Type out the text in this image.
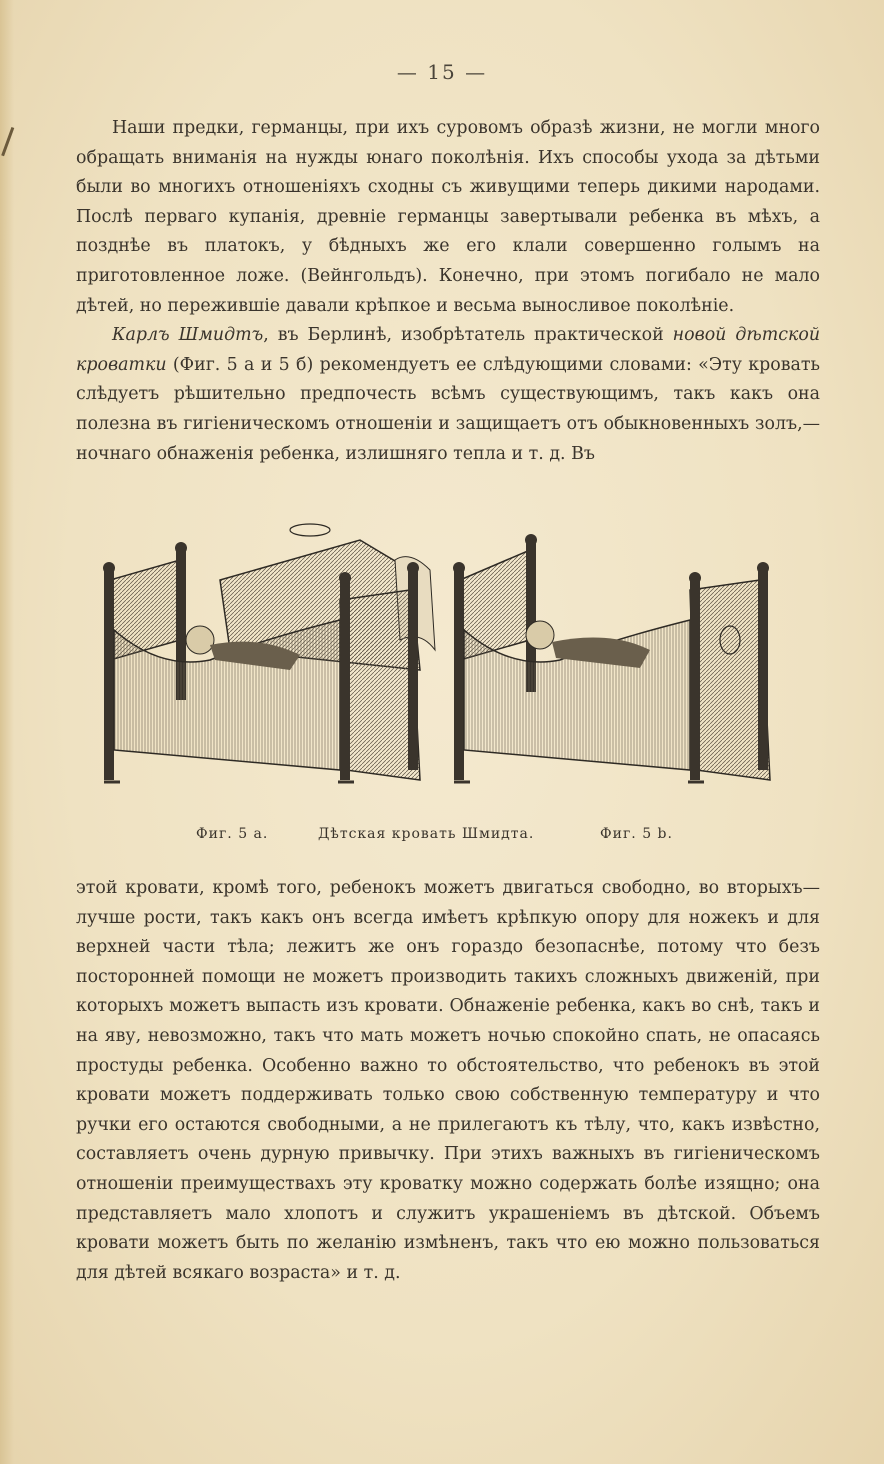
— 15 —

Наши предки, германцы, при ихъ суровомъ образѣ жизни, не могли много обращать вниманія на нужды юнаго поколѣнія. Ихъ способы ухода за дѣтьми были во многихъ отношеніяхъ сходны съ живущими теперь дикими народами. Послѣ перваго купанія, древніе германцы завертывали ребенка въ мѣхъ, а позднѣе въ платокъ, у бѣдныхъ же его клали совершенно голымъ на приготовленное ложе. (Вейнгольдъ). Конечно, при этомъ погибало не мало дѣтей, но пережившіе давали крѣпкое и весьма выносливое поколѣніе.

Карлъ Шмидтъ, въ Берлинѣ, изобрѣтатель практической новой дѣтской кроватки (Фиг. 5 а и 5 б) рекомендуетъ ее слѣдующими словами: «Эту кровать слѣдуетъ рѣшительно предпочесть всѣмъ существующимъ, такъ какъ она полезна въ гигіеническомъ отношеніи и защищаетъ отъ обыкновенныхъ золъ,—ночнаго обнаженія ребенка, излишняго тепла и т. д. Въ

Фиг. 5 а.	Дѣтская кровать Шмидта.	Фиг. 5 b.

этой кровати, кромѣ того, ребенокъ можетъ двигаться свободно, во вторыхъ—лучше рости, такъ какъ онъ всегда имѣетъ крѣпкую опору для ножекъ и для верхней части тѣла; лежитъ же онъ гораздо безопаснѣе, потому что безъ посторонней помощи не можетъ производить такихъ сложныхъ движеній, при которыхъ можетъ выпасть изъ кровати. Обнаженіе ребенка, какъ во снѣ, такъ и на яву, невозможно, такъ что мать можетъ ночью спокойно спать, не опасаясь простуды ребенка. Особенно важно то обстоятельство, что ребенокъ въ этой кровати можетъ поддерживать только свою собственную температуру и что ручки его остаются свободными, а не прилегаютъ къ тѣлу, что, какъ извѣстно, составляетъ очень дурную привычку. При этихъ важныхъ въ гигіеническомъ отношеніи преимуществахъ эту кроватку можно содержать болѣе изящно; она представляетъ мало хлопотъ и служитъ украшеніемъ въ дѣтской. Объемъ кровати можетъ быть по желанію измѣненъ, такъ что ею можно пользоваться для дѣтей всякаго возраста» и т. д.
